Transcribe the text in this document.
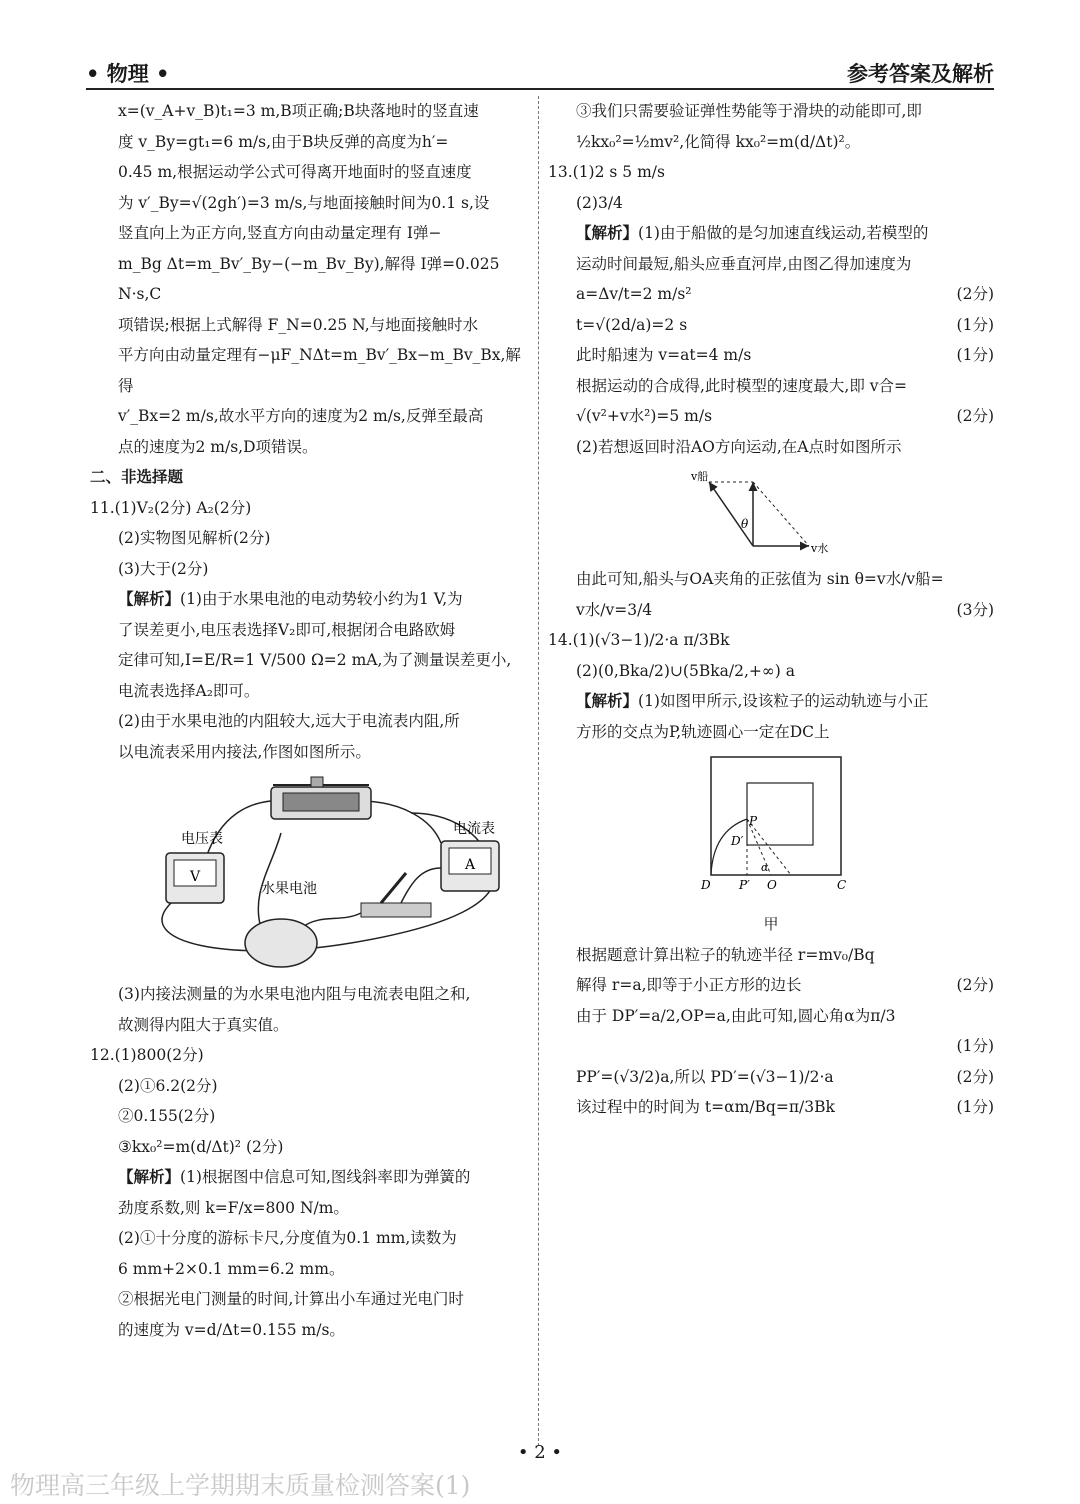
• 物理 •	参考答案及解析

x=(v_A+v_B)t₁=3 m,B项正确;B块落地时的竖直速

度 v_By=gt₁=6 m/s,由于B块反弹的高度为h′=

0.45 m,根据运动学公式可得离开地面时的竖直速度

为 v′_By=√(2gh′)=3 m/s,与地面接触时间为0.1 s,设

竖直向上为正方向,竖直方向由动量定理有 I弹−

m_Bg Δt=m_Bv′_By−(−m_Bv_By),解得 I弹=0.025 N·s,C

项错误;根据上式解得 F_N=0.25 N,与地面接触时水

平方向由动量定理有−μF_NΔt=m_Bv′_Bx−m_Bv_Bx,解得

v′_Bx=2 m/s,故水平方向的速度为2 m/s,反弹至最高

点的速度为2 m/s,D项错误。

二、非选择题

11.(1)V₂(2分) A₂(2分)

(2)实物图见解析(2分)

(3)大于(2分)

【解析】(1)由于水果电池的电动势较小约为1 V,为

了误差更小,电压表选择V₂即可,根据闭合电路欧姆

定律可知,I=E/R=1 V/500 Ω=2 mA,为了测量误差更小,

电流表选择A₂即可。

(2)由于水果电池的内阻较大,远大于电流表内阻,所

以电流表采用内接法,作图如图所示。

V
电压表
A
电流表
水果电池

(3)内接法测量的为水果电池内阻与电流表电阻之和,

故测得内阻大于真实值。

12.(1)800(2分)

(2)①6.2(2分)

②0.155(2分)

③kx₀²=m(d/Δt)² (2分)

【解析】(1)根据图中信息可知,图线斜率即为弹簧的

劲度系数,则 k=F/x=800 N/m。

(2)①十分度的游标卡尺,分度值为0.1 mm,读数为

6 mm+2×0.1 mm=6.2 mm。

②根据光电门测量的时间,计算出小车通过光电门时

的速度为 v=d/Δt=0.155 m/s。

③我们只需要验证弹性势能等于滑块的动能即可,即

½kx₀²=½mv²,化简得 kx₀²=m(d/Δt)²。

13.(1)2 s 5 m/s

(2)3/4

【解析】(1)由于船做的是匀加速直线运动,若模型的

运动时间最短,船头应垂直河岸,由图乙得加速度为

a=Δv/t=2 m/s²	(2分)
t=√(2d/a)=2 s	(1分)
此时船速为 v=at=4 m/s	(1分)

根据运动的合成得,此时模型的速度最大,即 v合=

√(v²+v水²)=5 m/s	(2分)

(2)若想返回时沿AO方向运动,在A点时如图所示

v船
v水
θ

由此可知,船头与OA夹角的正弦值为 sin θ=v水/v船=

v水/v=3/4	(3分)

14.(1)(√3−1)/2·a π/3Bk

(2)(0,Bka/2)∪(5Bka/2,+∞) a

【解析】(1)如图甲所示,设该粒子的运动轨迹与小正

方形的交点为P,轨迹圆心一定在DC上

P
D′
D P′ O	C
α

甲

根据题意计算出粒子的轨迹半径 r=mv₀/Bq

解得 r=a,即等于小正方形的边长	(2分)

由于 DP′=a/2,OP=a,由此可知,圆心角α为π/3

(1分)
PP′=(√3/2)a,所以 PD′=(√3−1)/2·a	(2分)
该过程中的时间为 t=αm/Bq=π/3Bk	(1分)
• 2 •
物理高三年级上学期期末质量检测答案(1)
